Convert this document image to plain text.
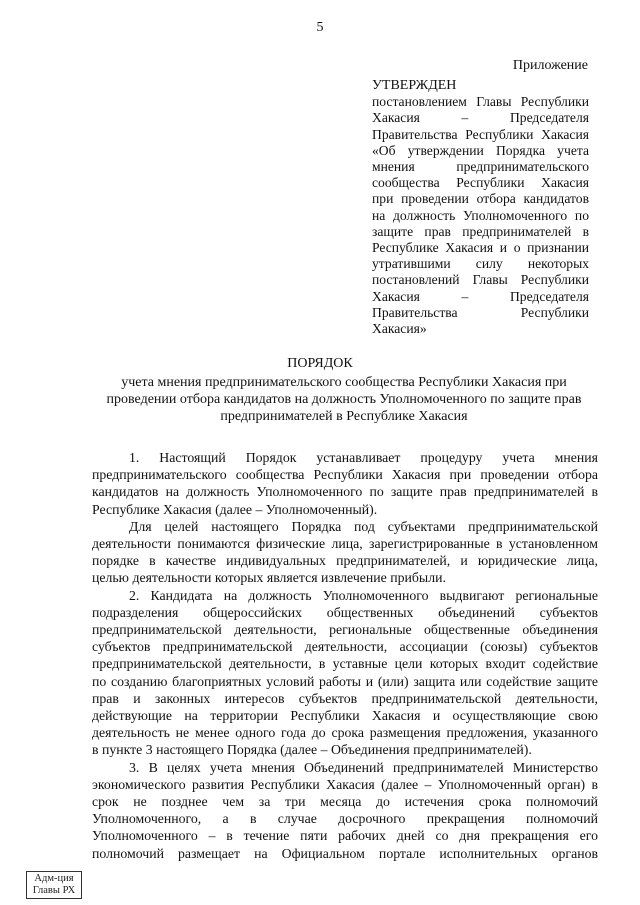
5
Приложение
УТВЕРЖДЕН
постановлением Главы Республики
Хакасия – Председателя
Правительства Республики Хакасия
«Об утверждении Порядка учета
мнения предпринимательского
сообщества Республики Хакасия
при проведении отбора кандидатов
на должность Уполномоченного по
защите прав предпринимателей в
Республике Хакасия и о признании
утратившими силу некоторых
постановлений Главы Республики
Хакасия – Председателя
Правительства Республики
Хакасия»
ПОРЯДОК
учета мнения предпринимательского сообщества Республики Хакасия при
проведении отбора кандидатов на должность Уполномоченного по защите прав
предпринимателей в Республике Хакасия
1. Настоящий Порядок устанавливает процедуру учета мнения
предпринимательского сообщества Республики Хакасия при проведении отбора
кандидатов на должность Уполномоченного по защите прав предпринимателей в
Республике Хакасия (далее – Уполномоченный).
Для целей настоящего Порядка под субъектами предпринимательской
деятельности понимаются физические лица, зарегистрированные в установленном
порядке в качестве индивидуальных предпринимателей, и юридические лица,
целью деятельности которых является извлечение прибыли.
2. Кандидата на должность Уполномоченного выдвигают региональные
подразделения общероссийских общественных объединений субъектов
предпринимательской деятельности, региональные общественные объединения
субъектов предпринимательской деятельности, ассоциации (союзы) субъектов
предпринимательской деятельности, в уставные цели которых входит содействие
по созданию благоприятных условий работы и (или) защита или содействие защите
прав и законных интересов субъектов предпринимательской деятельности,
действующие на территории Республики Хакасия и осуществляющие свою
деятельность не менее одного года до срока размещения предложения, указанного
в пункте 3 настоящего Порядка (далее – Объединения предпринимателей).
3. В целях учета мнения Объединений предпринимателей Министерство
экономического развития Республики Хакасия (далее – Уполномоченный орган) в
срок не позднее чем за три месяца до истечения срока полномочий
Уполномоченного, а в случае досрочного прекращения полномочий
Уполномоченного – в течение пяти рабочих дней со дня прекращения его
полномочий размещает на Официальном портале исполнительных органов
Адм-ция
Главы РХ
